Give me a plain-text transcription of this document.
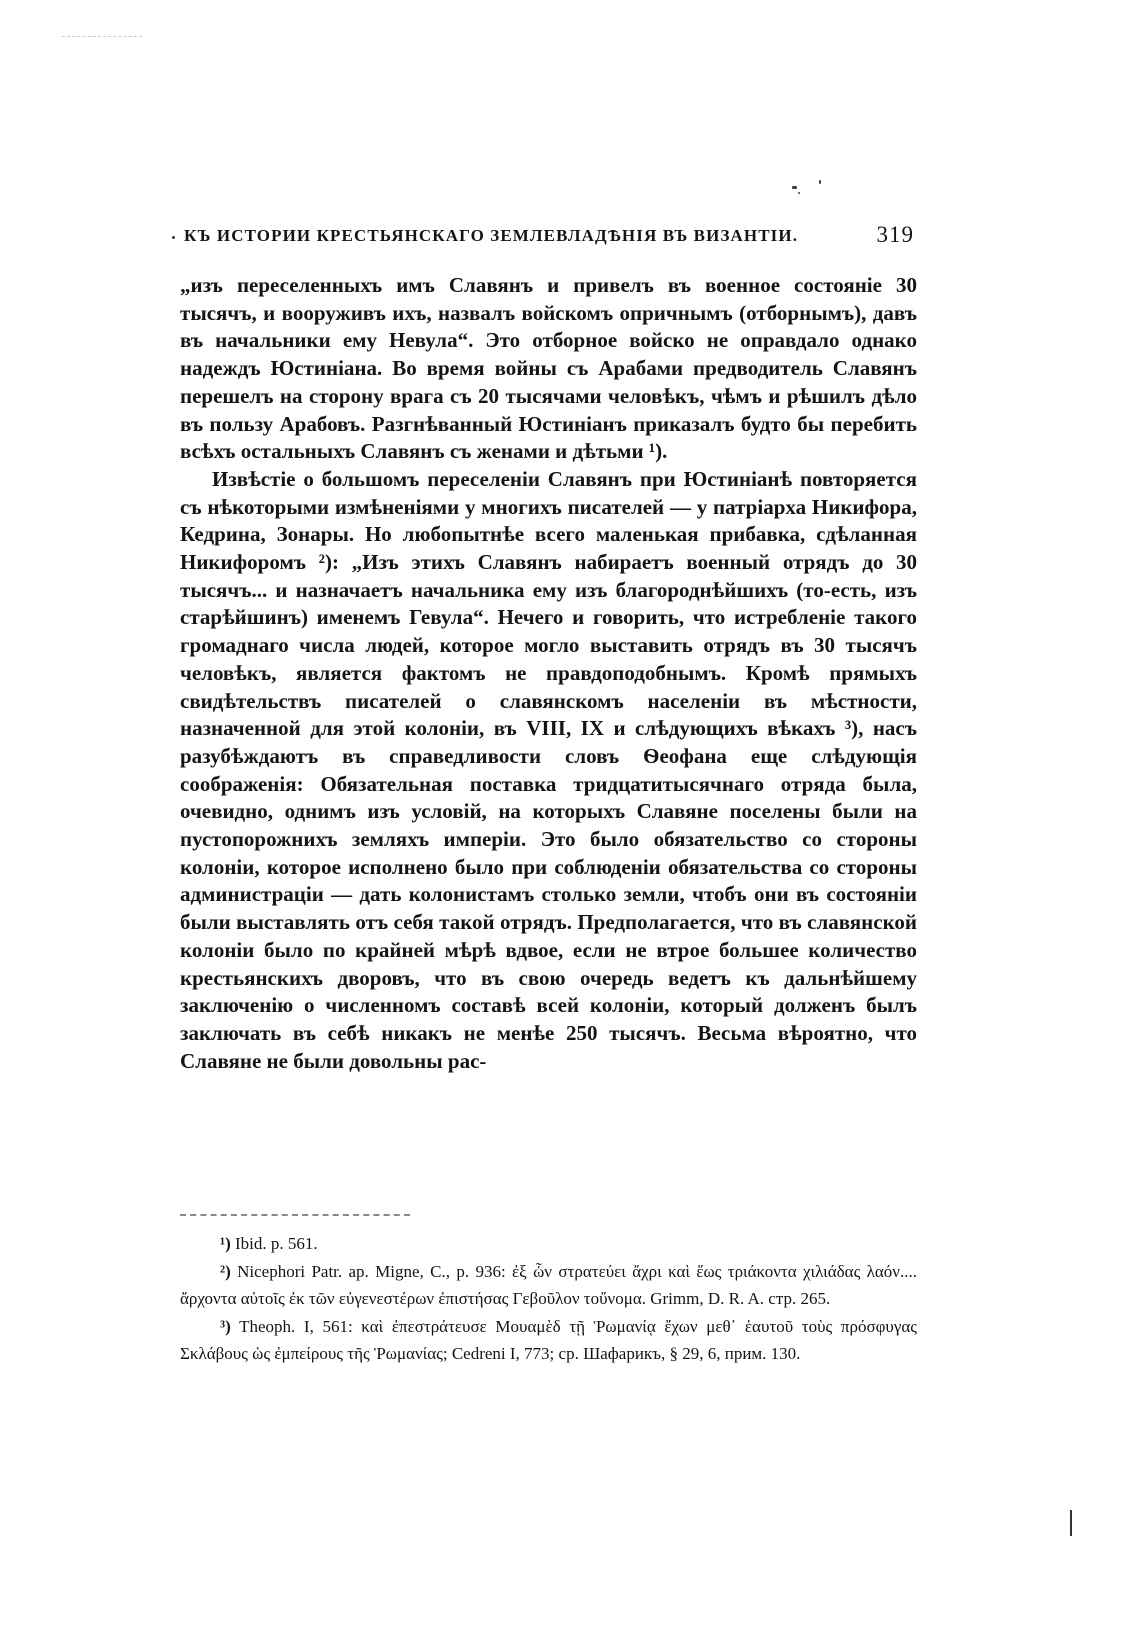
КЪ ИСТОРИИ КРЕСТЬЯНСКАГО ЗЕМЛЕВЛАДѢНІЯ ВЪ ВИЗАНТІИ.	319

„изъ переселенныхъ имъ Славянъ и привелъ въ военное состояніе 30 тысячъ, и вооруживъ ихъ, назвалъ войскомъ опричнымъ (отборнымъ), давъ въ начальники ему Невула“. Это отборное войско не оправдало однако надеждъ Юстиніана. Во время войны съ Арабами предводитель Славянъ перешелъ на сторону врага съ 20 тысячами человѣкъ, чѣмъ и рѣшилъ дѣло въ пользу Арабовъ. Разгнѣванный Юстиніанъ приказалъ будто бы перебить всѣхъ остальныхъ Славянъ съ женами и дѣтьми ¹).

Извѣстіе о большомъ переселеніи Славянъ при Юстиніанѣ повторяется съ нѣкоторыми измѣненіями у многихъ писателей — у патріарха Никифора, Кедрина, Зонары. Но любопытнѣе всего маленькая прибавка, сдѣланная Никифоромъ ²): „Изъ этихъ Славянъ набираетъ военный отрядъ до 30 тысячъ... и назначаетъ начальника ему изъ благороднѣйшихъ (то-есть, изъ старѣйшинъ) именемъ Гевула“. Нечего и говорить, что истребленіе такого громаднаго числа людей, которое могло выставить отрядъ въ 30 тысячъ человѣкъ, является фактомъ не правдоподобнымъ. Кромѣ прямыхъ свидѣтельствъ писателей о славянскомъ населеніи въ мѣстности, назначенной для этой колоніи, въ VIII, IX и слѣдующихъ вѣкахъ ³), насъ разубѣждаютъ въ справедливости словъ Ѳеофана еще слѣдующія соображенія: Обязательная поставка тридцатитысячнаго отряда была, очевидно, однимъ изъ условій, на которыхъ Славяне поселены были на пустопорожнихъ земляхъ имперіи. Это было обязательство со стороны колоніи, которое исполнено было при соблюденіи обязательства со стороны администраціи — дать колонистамъ столько земли, чтобъ они въ состояніи были выставлять отъ себя такой отрядъ. Предполагается, что въ славянской колоніи было по крайней мѣрѣ вдвое, если не втрое большее количество крестьянскихъ дворовъ, что въ свою очередь ведетъ къ дальнѣйшему заключенію о численномъ составѣ всей колоніи, который долженъ былъ заключать въ себѣ никакъ не менѣе 250 тысячъ. Весьма вѣроятно, что Славяне не были довольны рас-

¹) Ibid. p. 561.

²) Nicephori Patr. ap. Migne, C., p. 936: ἐξ ὧν στρατεύει ἄχρι καὶ ἕως τριάκοντα χιλιάδας λαόν.... ἄρχοντα αὐτοῖς ἐκ τῶν εὐγενεστέρων ἐπιστήσας Γεβοῦλον τοὔνομα. Grimm, D. R. A. стр. 265.

³) Theoph. I, 561: καὶ ἐπεστράτευσε Μουαμὲδ τῇ Ῥωμανίᾳ ἔχων μεθ᾽ ἑαυτοῦ τοὺς πρόσφυγας Σκλάβους ὡς ἐμπείρους τῆς Ῥωμανίας; Cedreni I, 773; ср. Шафарикъ, § 29, 6, прим. 130.
